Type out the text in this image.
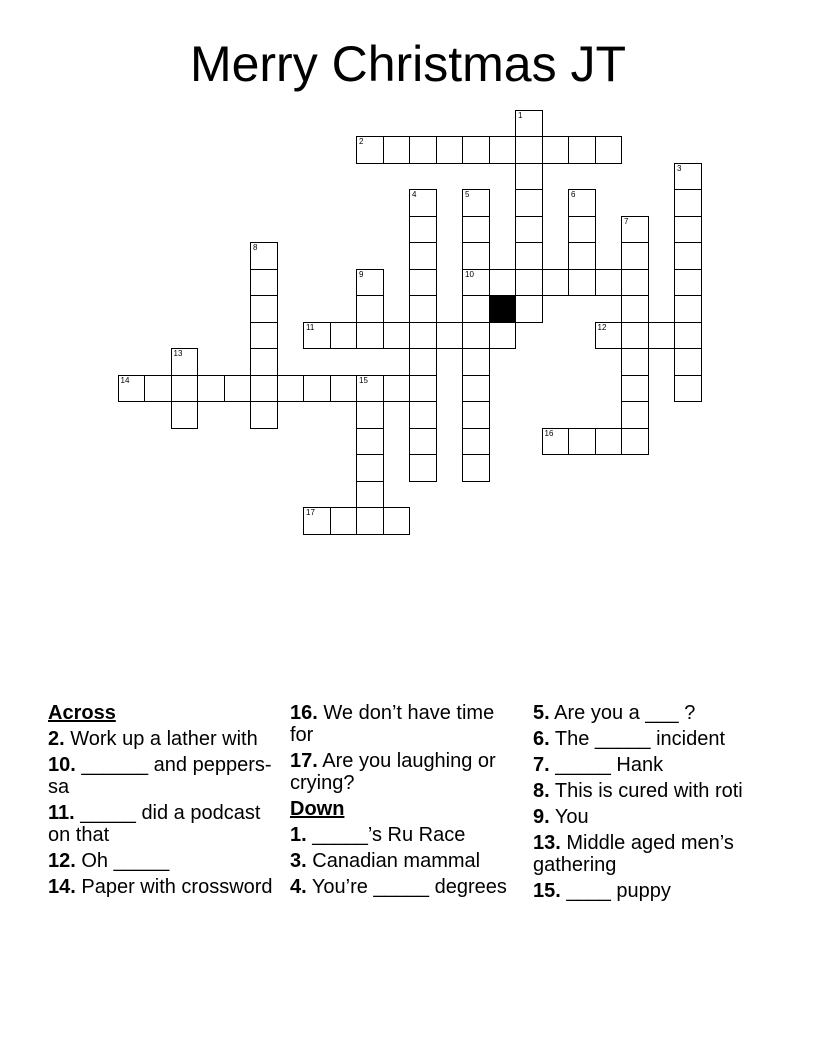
Merry Christmas JT
1
2
3
4	5
10
6
7
8
9
11	12
13
14	15
16
17
Across
2. Work up a lather with
10. ______ and peppers-sa
11. _____ did a podcast on that
12. Oh _____
14. Paper with crossword
16. We don’t have time for
17. Are you laughing or crying?
Down
1. _____’s Ru Race
3. Canadian mammal
4. You’re _____ degrees
5. Are you a ___ ?
6. The _____ incident
7. _____ Hank
8. This is cured with roti
9. You
13. Middle aged men’s gathering
15. ____ puppy
